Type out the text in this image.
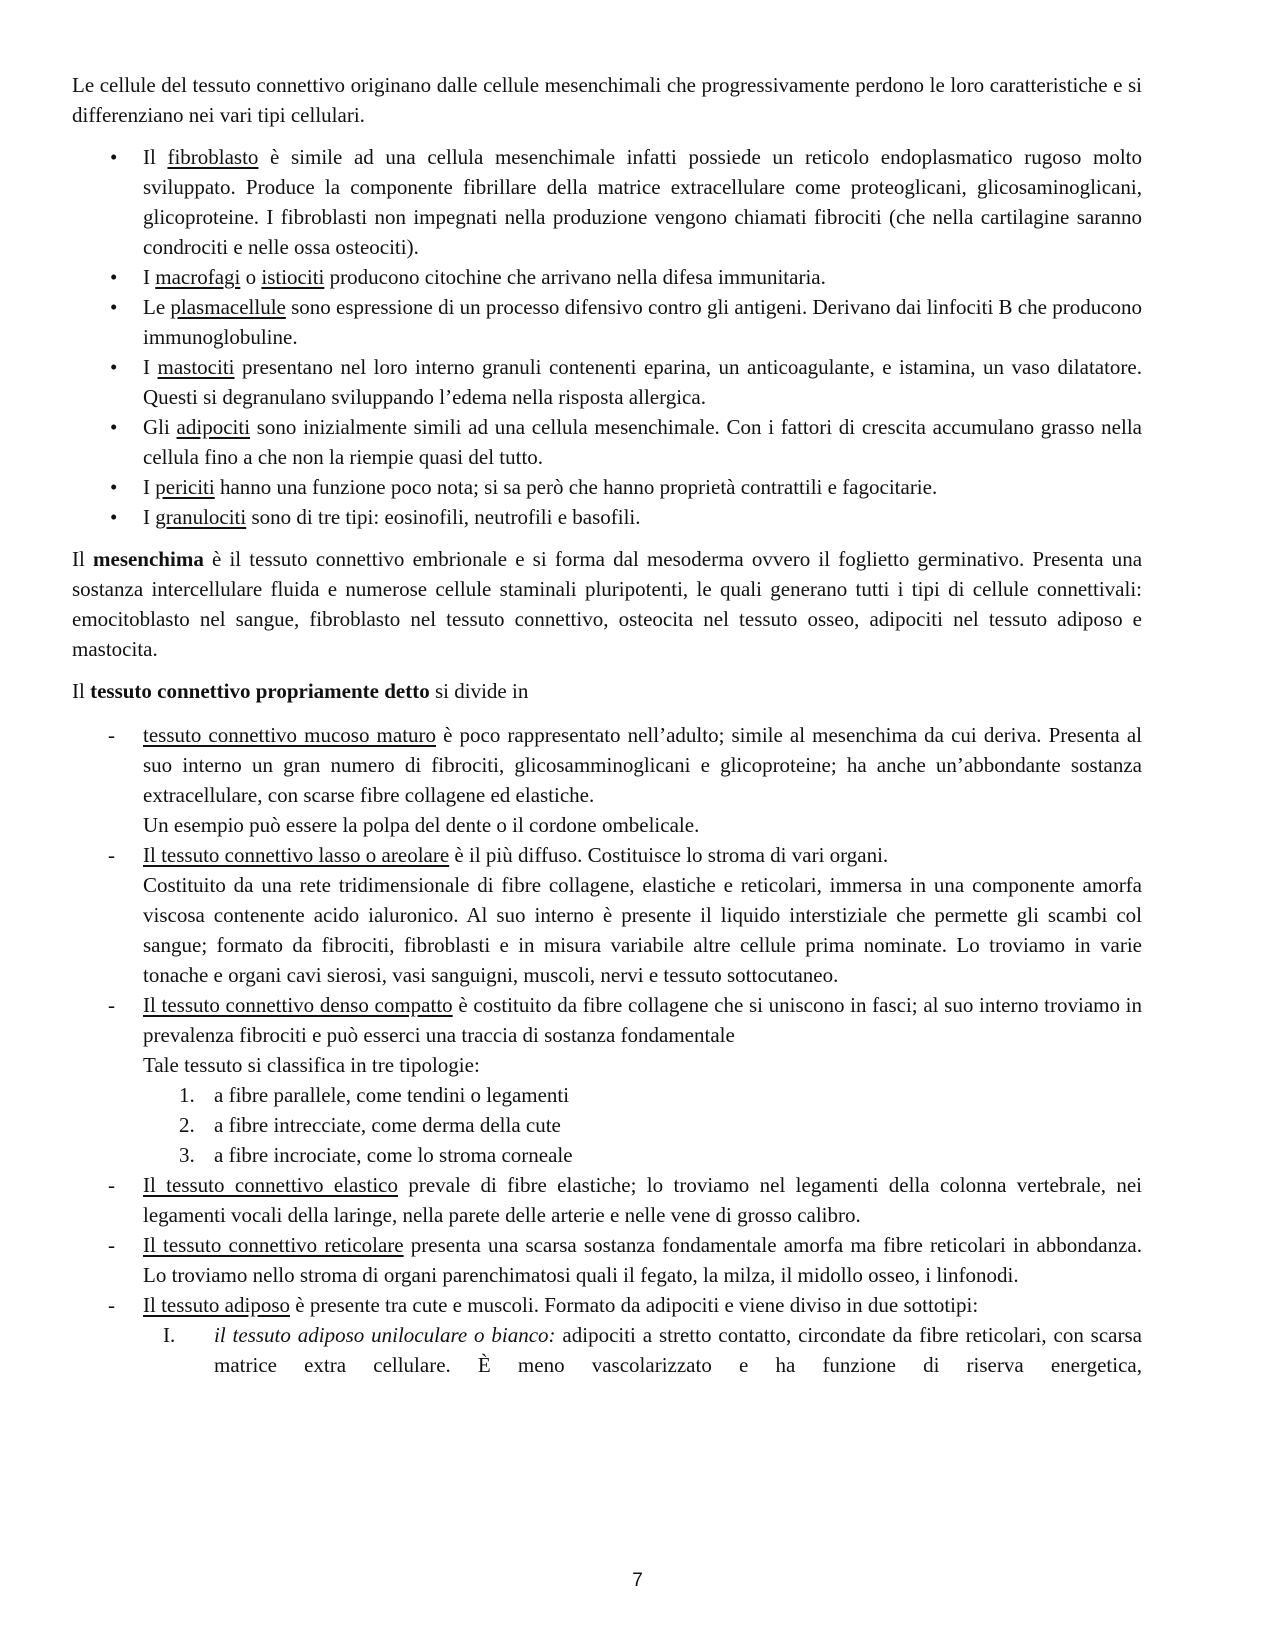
Le cellule del tessuto connettivo originano dalle cellule mesenchimali che progressivamente perdono le loro caratteristiche e si differenziano nei vari tipi cellulari.

• Il fibroblasto è simile ad una cellula mesenchimale infatti possiede un reticolo endoplasmatico rugoso molto sviluppato. Produce la componente fibrillare della matrice extracellulare come proteoglicani, glicosaminoglicani, glicoproteine. I fibroblasti non impegnati nella produzione vengono chiamati fibrociti (che nella cartilagine saranno condrociti e nelle ossa osteociti).
• I macrofagi o istiociti producono citochine che arrivano nella difesa immunitaria.
• Le plasmacellule sono espressione di un processo difensivo contro gli antigeni. Derivano dai linfociti B che producono immunoglobuline.
• I mastociti presentano nel loro interno granuli contenenti eparina, un anticoagulante, e istamina, un vaso dilatatore. Questi si degranulano sviluppando l’edema nella risposta allergica.
• Gli adipociti sono inizialmente simili ad una cellula mesenchimale. Con i fattori di crescita accumulano grasso nella cellula fino a che non la riempie quasi del tutto.
• I periciti hanno una funzione poco nota; si sa però che hanno proprietà contrattili e fagocitarie.
• I granulociti sono di tre tipi: eosinofili, neutrofili e basofili.

Il mesenchima è il tessuto connettivo embrionale e si forma dal mesoderma ovvero il foglietto germinativo. Presenta una sostanza intercellulare fluida e numerose cellule staminali pluripotenti, le quali generano tutti i tipi di cellule connettivali: emocitoblasto nel sangue, fibroblasto nel tessuto connettivo, osteocita nel tessuto osseo, adipociti nel tessuto adiposo e mastocita.

Il tessuto connettivo propriamente detto si divide in

- tessuto connettivo mucoso maturo è poco rappresentato nell’adulto; simile al mesenchima da cui deriva. Presenta al suo interno un gran numero di fibrociti, glicosamminoglicani e glicoproteine; ha anche un’abbondante sostanza extracellulare, con scarse fibre collagene ed elastiche.
Un esempio può essere la polpa del dente o il cordone ombelicale.
- Il tessuto connettivo lasso o areolare è il più diffuso. Costituisce lo stroma di vari organi.
Costituito da una rete tridimensionale di fibre collagene, elastiche e reticolari, immersa in una componente amorfa viscosa contenente acido ialuronico. Al suo interno è presente il liquido interstiziale che permette gli scambi col sangue; formato da fibrociti, fibroblasti e in misura variabile altre cellule prima nominate. Lo troviamo in varie tonache e organi cavi sierosi, vasi sanguigni, muscoli, nervi e tessuto sottocutaneo.
- Il tessuto connettivo denso compatto è costituito da fibre collagene che si uniscono in fasci; al suo interno troviamo in prevalenza fibrociti e può esserci una traccia di sostanza fondamentale
Tale tessuto si classifica in tre tipologie:
1. a fibre parallele, come tendini o legamenti
2. a fibre intrecciate, come derma della cute
3. a fibre incrociate, come lo stroma corneale
- Il tessuto connettivo elastico prevale di fibre elastiche; lo troviamo nel legamenti della colonna vertebrale, nei legamenti vocali della laringe, nella parete delle arterie e nelle vene di grosso calibro.
- Il tessuto connettivo reticolare presenta una scarsa sostanza fondamentale amorfa ma fibre reticolari in abbondanza. Lo troviamo nello stroma di organi parenchimatosi quali il fegato, la milza, il midollo osseo, i linfonodi.
- Il tessuto adiposo è presente tra cute e muscoli. Formato da adipociti e viene diviso in due sottotipi:
I. il tessuto adiposo uniloculare o bianco: adipociti a stretto contatto, circondate da fibre reticolari, con scarsa matrice extra cellulare. È meno vascolarizzato e ha funzione di riserva energetica,
7
